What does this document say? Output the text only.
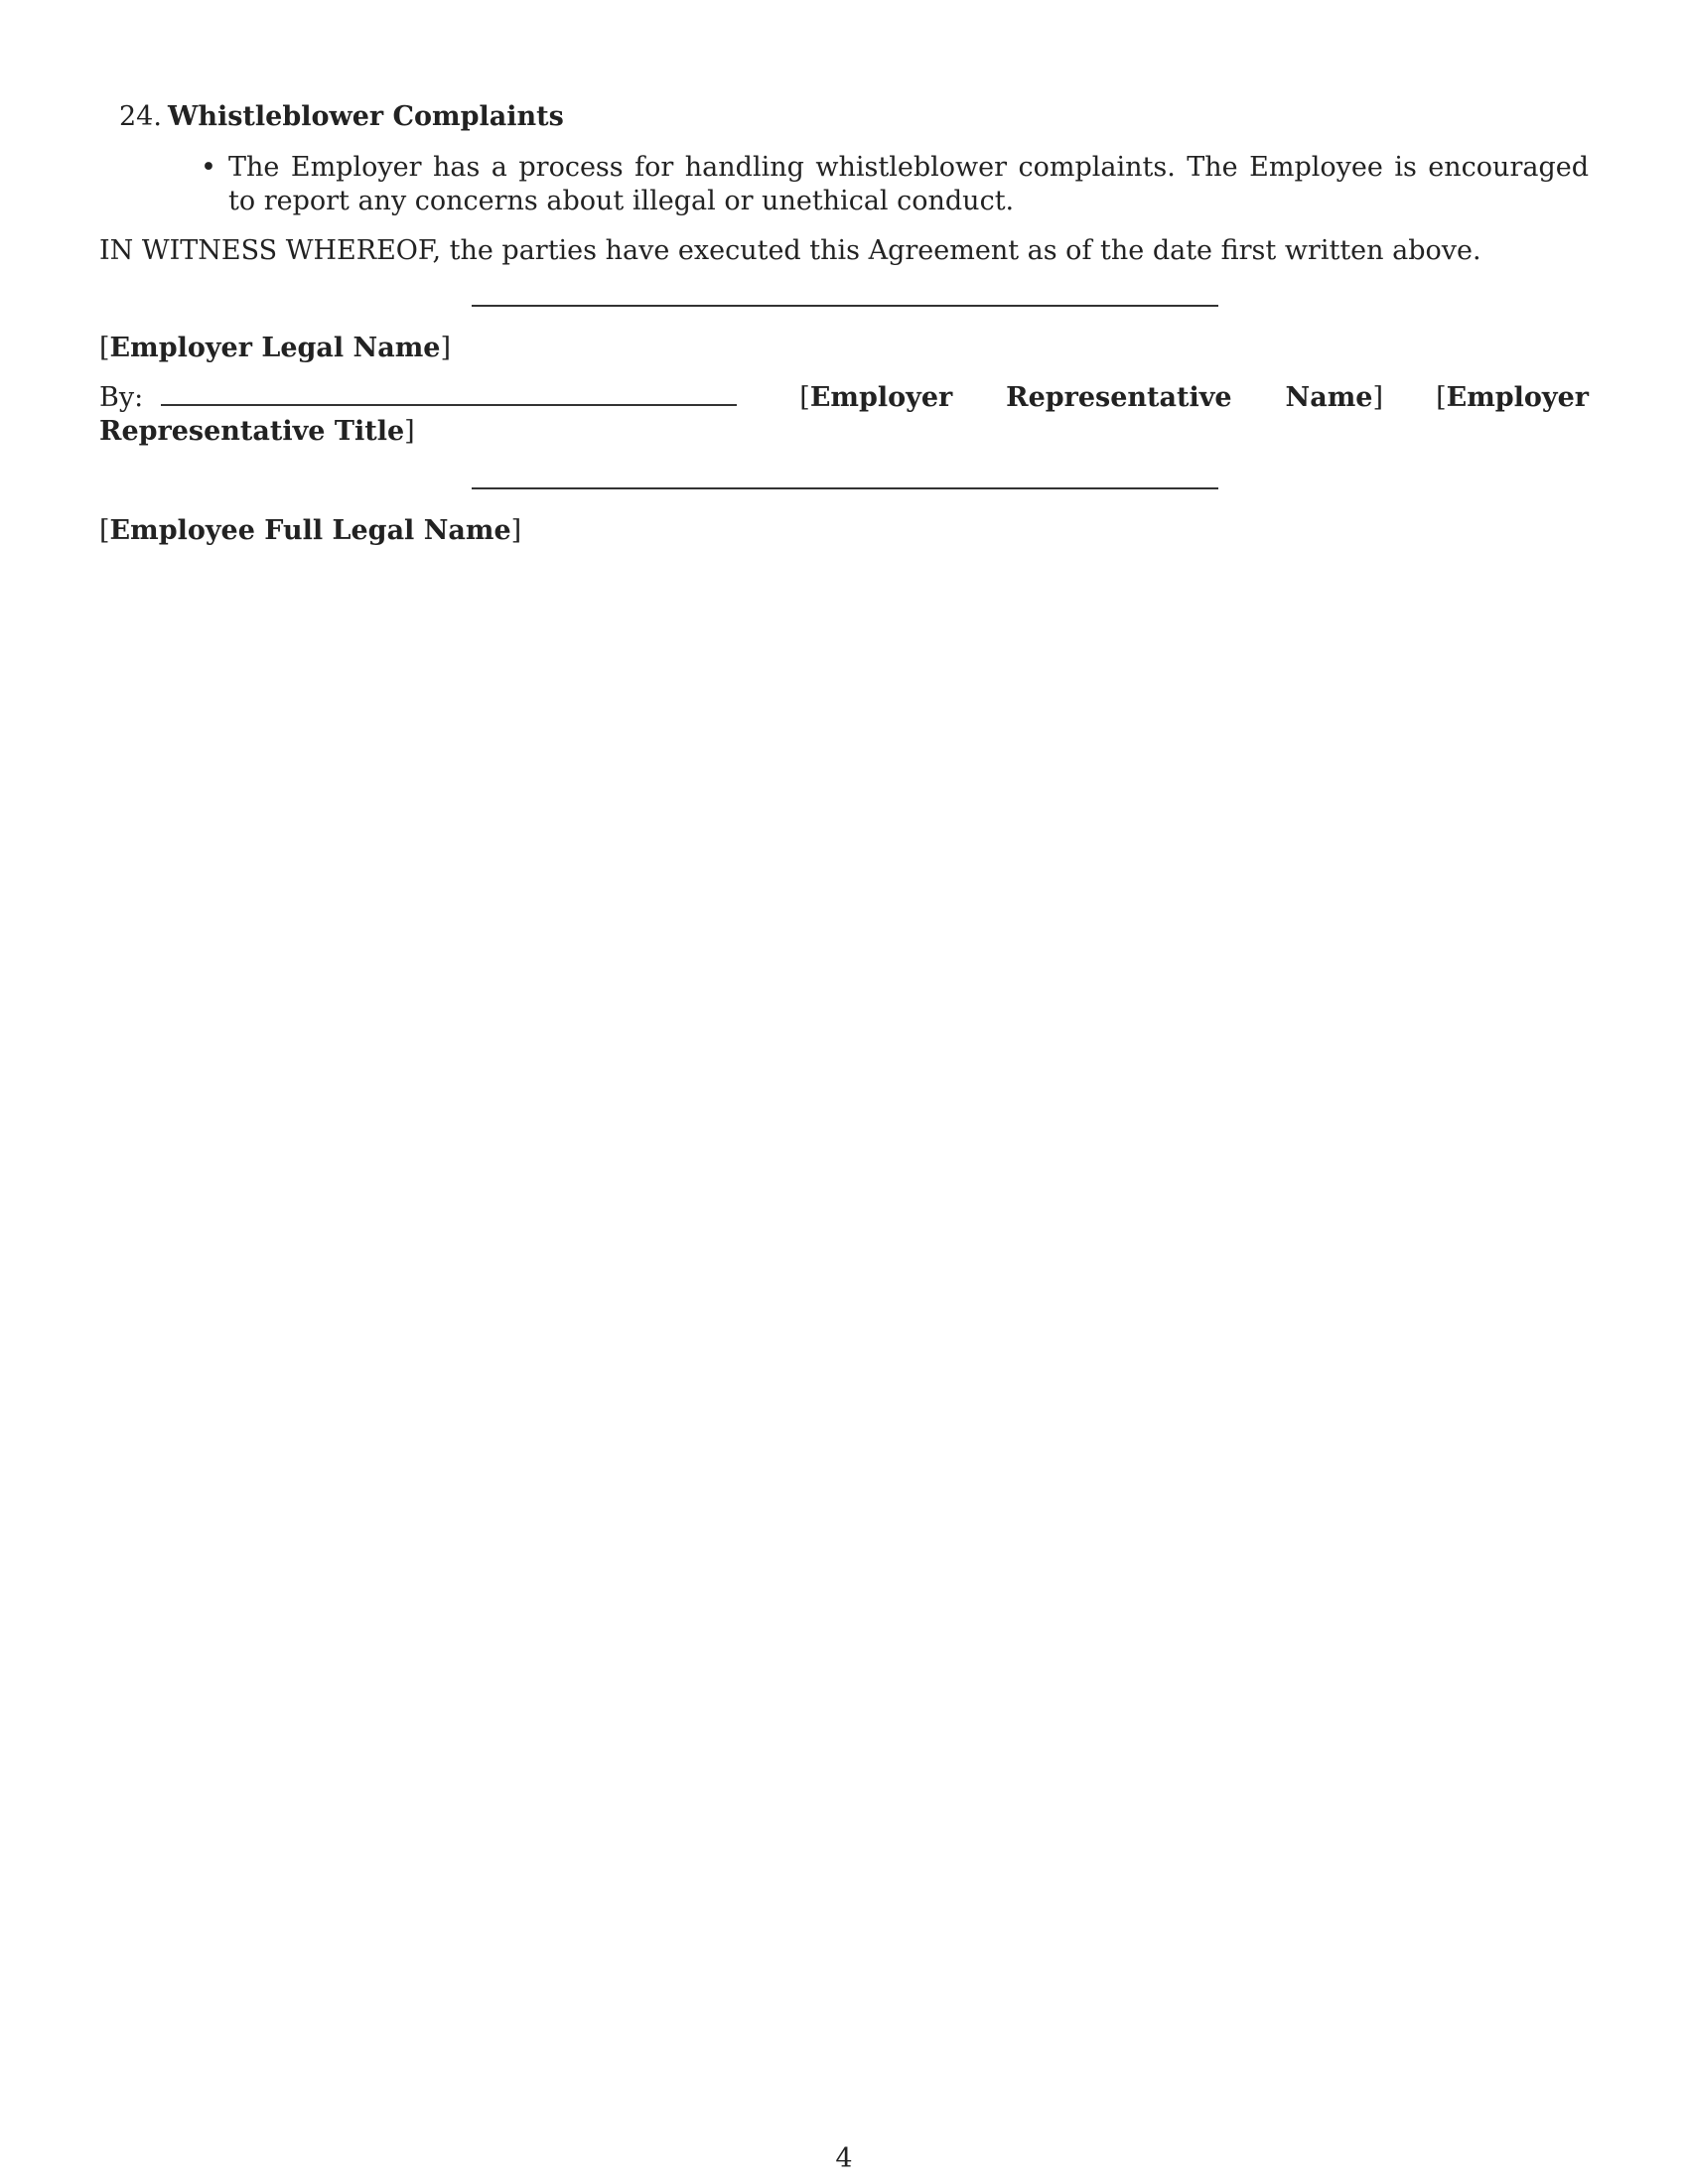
24. Whistleblower Complaints
• The Employer has a process for handling whistleblower complaints. The Employee is encouraged to report any concerns about illegal or unethical conduct.

IN WITNESS WHEREOF, the parties have executed this Agreement as of the date first written above.

[Employer Legal Name]

By:	[Employer Representative Name] [Employer Representative Title]

[Employee Full Legal Name]

4
